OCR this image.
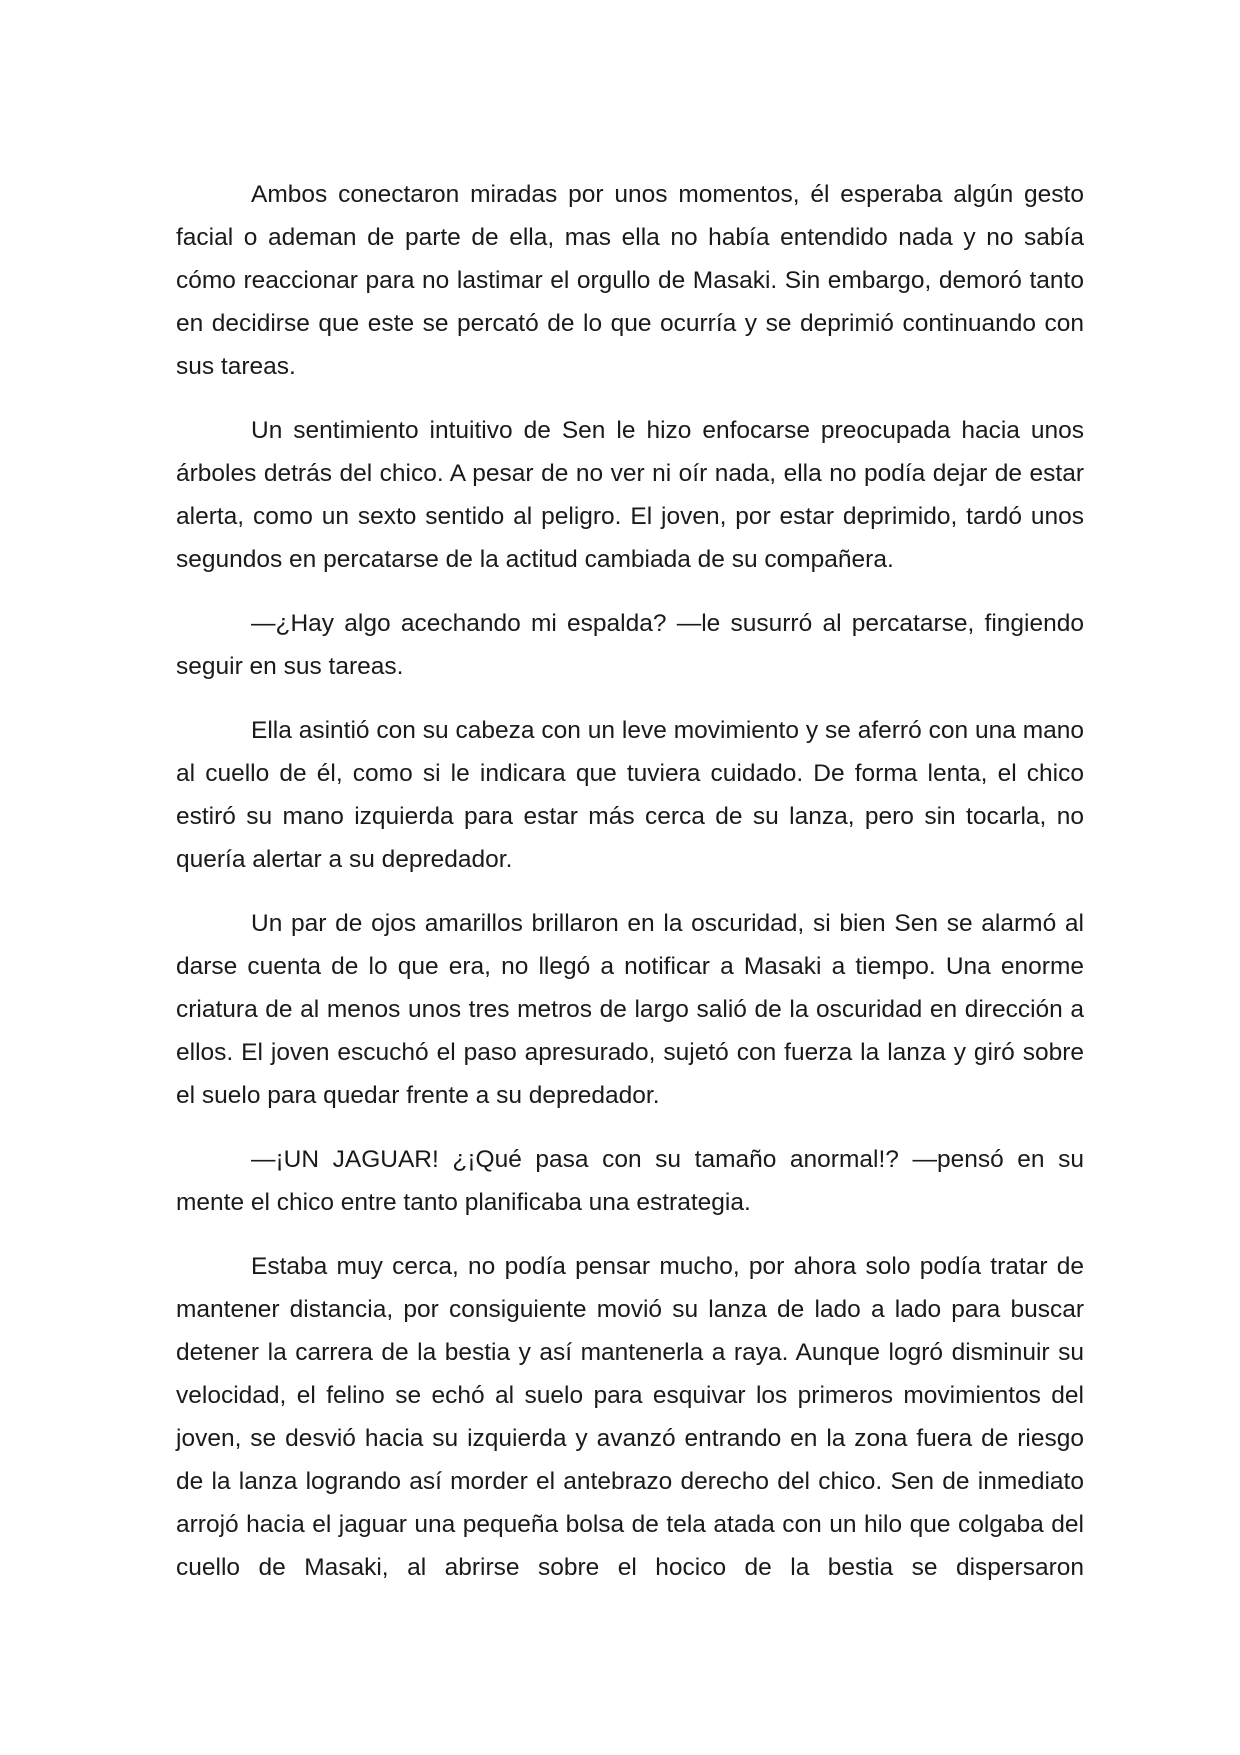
Ambos conectaron miradas por unos momentos, él esperaba algún gesto facial o ademan de parte de ella, mas ella no había entendido nada y no sabía cómo reaccionar para no lastimar el orgullo de Masaki. Sin embargo, demoró tanto en decidirse que este se percató de lo que ocurría y se deprimió continuando con sus tareas.

Un sentimiento intuitivo de Sen le hizo enfocarse preocupada hacia unos árboles detrás del chico. A pesar de no ver ni oír nada, ella no podía dejar de estar alerta, como un sexto sentido al peligro. El joven, por estar deprimido, tardó unos segundos en percatarse de la actitud cambiada de su compañera.

—¿Hay algo acechando mi espalda? —le susurró al percatarse, fingiendo seguir en sus tareas.

Ella asintió con su cabeza con un leve movimiento y se aferró con una mano al cuello de él, como si le indicara que tuviera cuidado. De forma lenta, el chico estiró su mano izquierda para estar más cerca de su lanza, pero sin tocarla, no quería alertar a su depredador.

Un par de ojos amarillos brillaron en la oscuridad, si bien Sen se alarmó al darse cuenta de lo que era, no llegó a notificar a Masaki a tiempo. Una enorme criatura de al menos unos tres metros de largo salió de la oscuridad en dirección a ellos. El joven escuchó el paso apresurado, sujetó con fuerza la lanza y giró sobre el suelo para quedar frente a su depredador.

—¡UN JAGUAR! ¿¡Qué pasa con su tamaño anormal!? —pensó en su mente el chico entre tanto planificaba una estrategia.

Estaba muy cerca, no podía pensar mucho, por ahora solo podía tratar de mantener distancia, por consiguiente movió su lanza de lado a lado para buscar detener la carrera de la bestia y así mantenerla a raya. Aunque logró disminuir su velocidad, el felino se echó al suelo para esquivar los primeros movimientos del joven, se desvió hacia su izquierda y avanzó entrando en la zona fuera de riesgo de la lanza logrando así morder el antebrazo derecho del chico. Sen de inmediato arrojó hacia el jaguar una pequeña bolsa de tela atada con un hilo que colgaba del cuello de Masaki, al abrirse sobre el hocico de la bestia se dispersaron
